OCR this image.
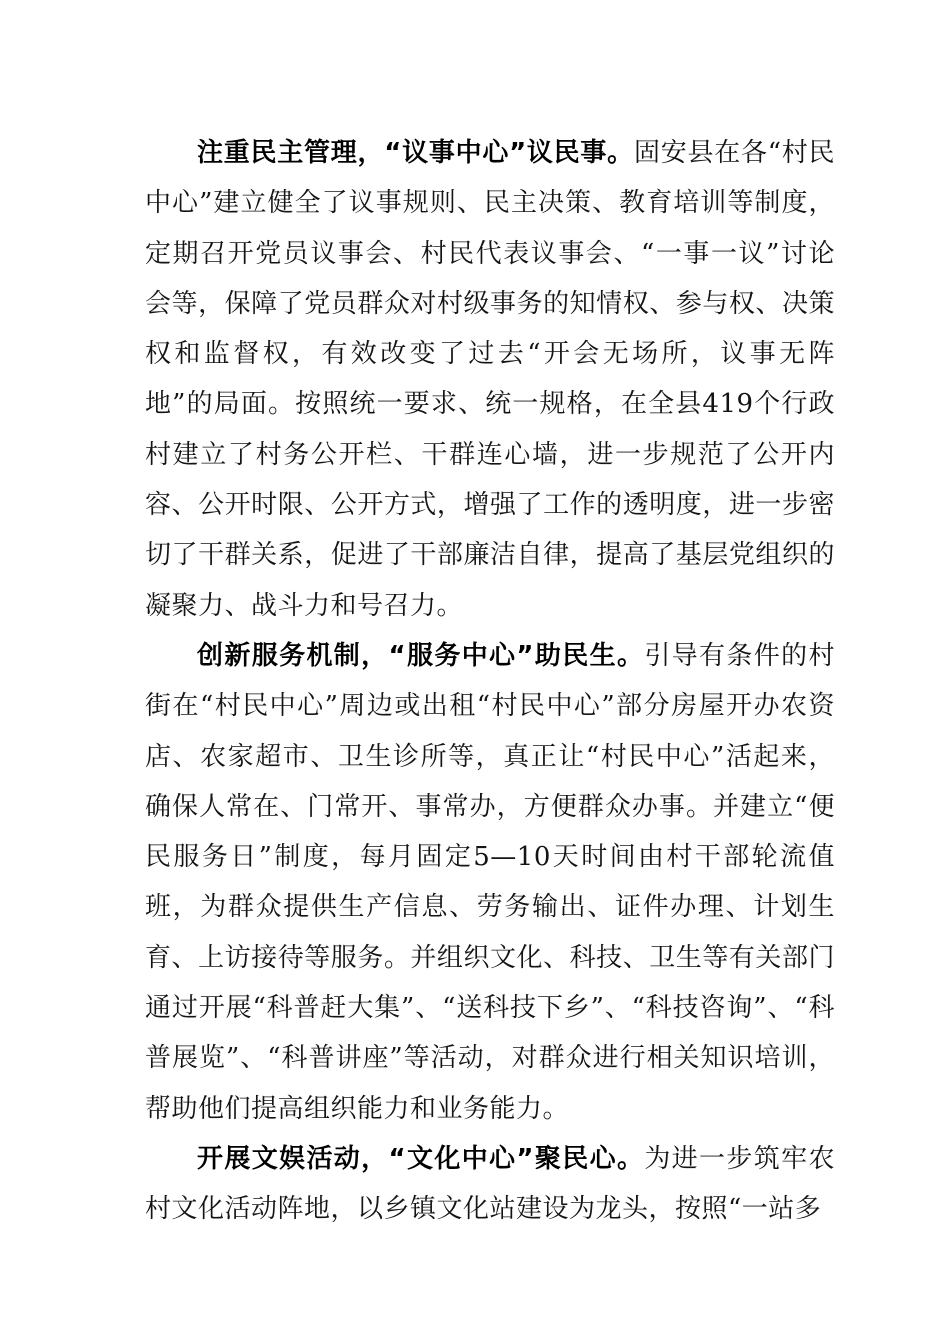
注重民主管理，“议事中心”议民事。固安县在各“村民中心”建立健全了议事规则、民主决策、教育培训等制度，定期召开党员议事会、村民代表议事会、“一事一议”讨论会等，保障了党员群众对村级事务的知情权、参与权、决策权和监督权，有效改变了过去“开会无场所，议事无阵地”的局面。按照统一要求、统一规格，在全县419个行政村建立了村务公开栏、干群连心墙，进一步规范了公开内容、公开时限、公开方式，增强了工作的透明度，进一步密切了干群关系，促进了干部廉洁自律，提高了基层党组织的凝聚力、战斗力和号召力。

创新服务机制，“服务中心”助民生。引导有条件的村街在“村民中心”周边或出租“村民中心”部分房屋开办农资店、农家超市、卫生诊所等，真正让“村民中心”活起来，确保人常在、门常开、事常办，方便群众办事。并建立“便民服务日”制度，每月固定5—10天时间由村干部轮流值班，为群众提供生产信息、劳务输出、证件办理、计划生育、上访接待等服务。并组织文化、科技、卫生等有关部门通过开展“科普赶大集”、“送科技下乡”、“科技咨询”、“科普展览”、“科普讲座”等活动，对群众进行相关知识培训，帮助他们提高组织能力和业务能力。

开展文娱活动，“文化中心”聚民心。为进一步筑牢农村文化活动阵地，以乡镇文化站建设为龙头，按照“一站多
